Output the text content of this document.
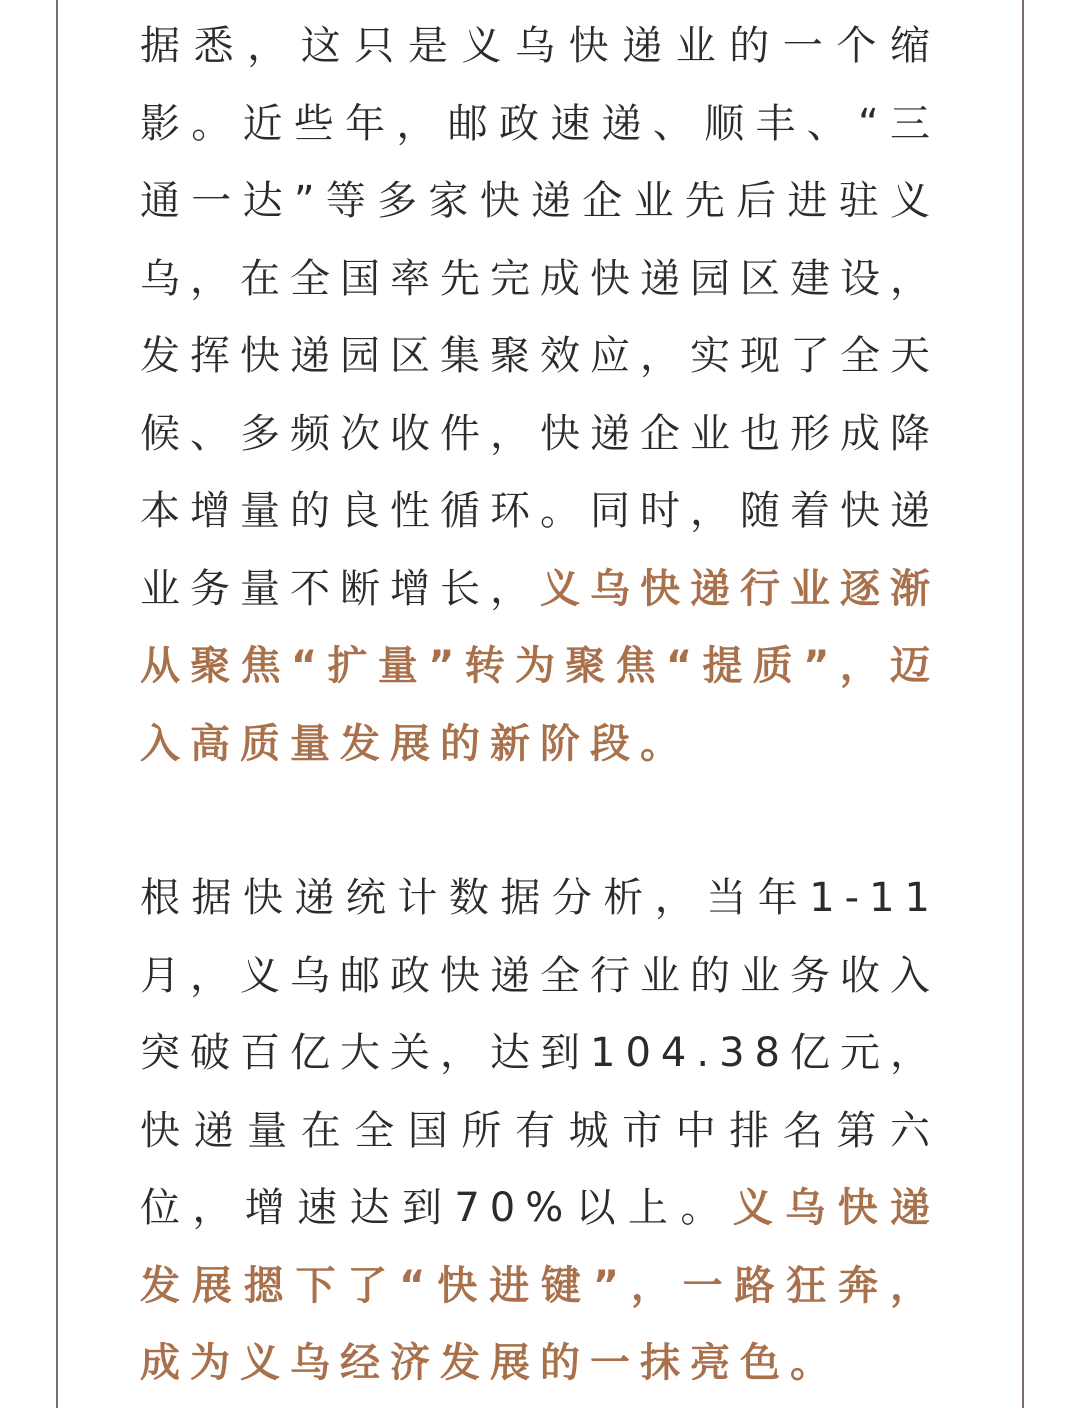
据悉，这只是义乌快递业的一个缩影。近些年，邮政速递、顺丰、“三通一达”等多家快递企业先后进驻义乌，在全国率先完成快递园区建设，发挥快递园区集聚效应，实现了全天候、多频次收件，快递企业也形成降本增量的良性循环。同时，随着快递业务量不断增长，义乌快递行业逐渐从聚焦“扩量”转为聚焦“提质”，迈入高质量发展的新阶段。

根据快递统计数据分析，当年1-11月，义乌邮政快递全行业的业务收入突破百亿大关，达到104.38亿元，快递量在全国所有城市中排名第六位，增速达到70%以上。义乌快递发展摁下了“快进键”，一路狂奔，成为义乌经济发展的一抹亮色。
